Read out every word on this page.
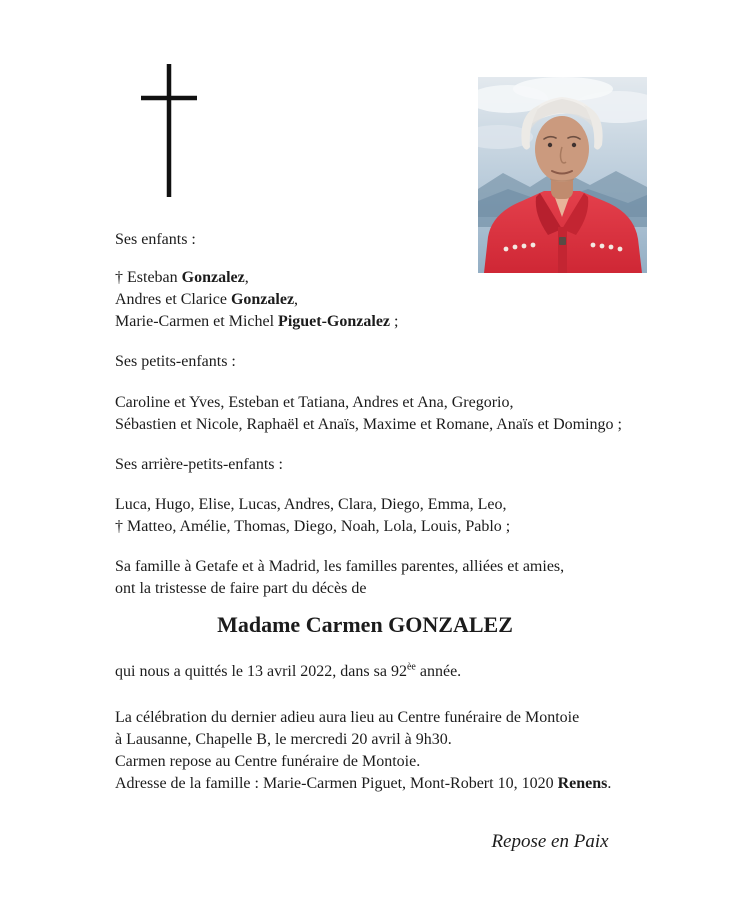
Ses enfants :

† Esteban Gonzalez,

Andres et Clarice Gonzalez,

Marie-Carmen et Michel Piguet-Gonzalez ;

Ses petits-enfants :

Caroline et Yves, Esteban et Tatiana, Andres et Ana, Gregorio,

Sébastien et Nicole, Raphaël et Anaïs, Maxime et Romane, Anaïs et Domingo ;

Ses arrière-petits-enfants :

Luca, Hugo, Elise, Lucas, Andres, Clara, Diego, Emma, Leo,

† Matteo, Amélie, Thomas, Diego, Noah, Lola, Louis, Pablo ;

Sa famille à Getafe et à Madrid, les familles parentes, alliées et amies,

ont la tristesse de faire part du décès de

Madame Carmen GONZALEZ

qui nous a quittés le 13 avril 2022, dans sa $92^{èe}$ année.

La célébration du dernier adieu aura lieu au Centre funéraire de Montoie

à Lausanne, Chapelle B, le mercredi 20 avril à 9h30.

Carmen repose au Centre funéraire de Montoie.

Adresse de la famille : Marie-Carmen Piguet, Mont-Robert 10, 1020 Renens.

Repose en Paix
